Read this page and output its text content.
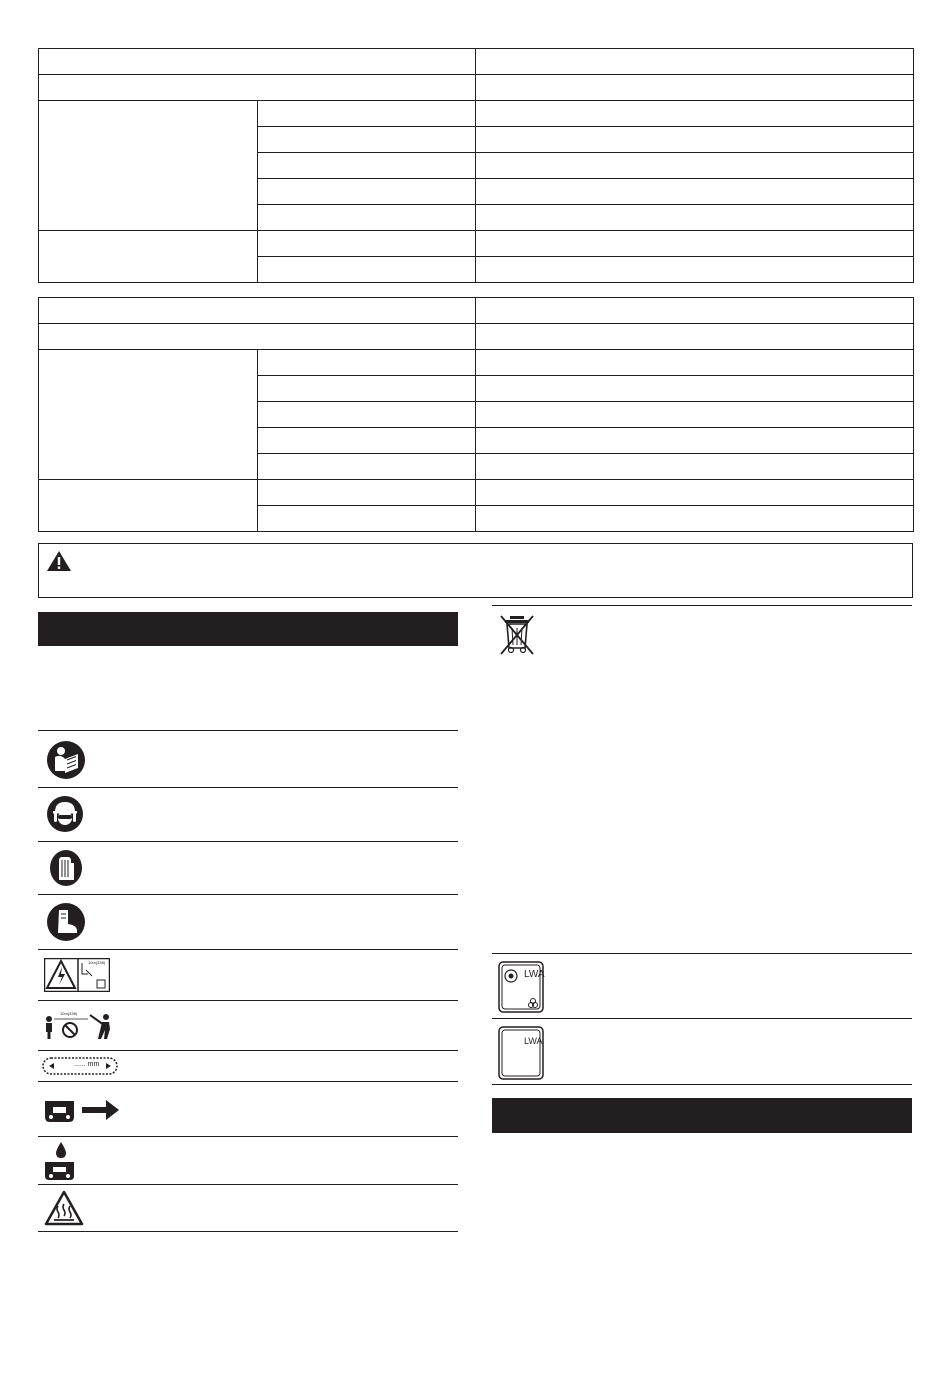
10m(33ft)
10m(33ft)
...... mm
LWA
LWA
